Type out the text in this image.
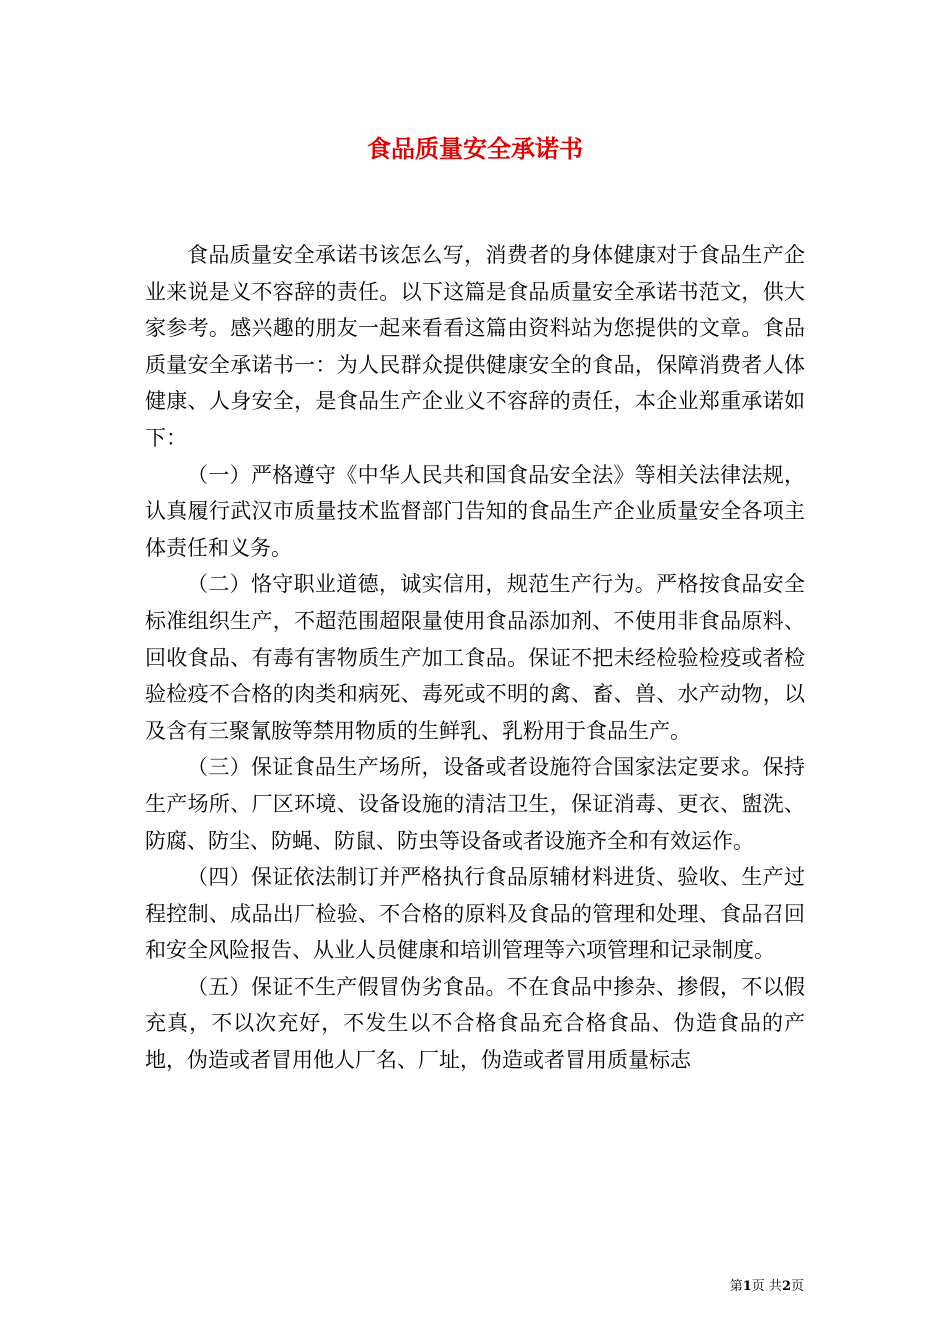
食品质量安全承诺书

食品质量安全承诺书该怎么写，消费者的身体健康对于食品生产企业来说是义不容辞的责任。以下这篇是食品质量安全承诺书范文，供大家参考。感兴趣的朋友一起来看看这篇由资料站为您提供的文章。食品质量安全承诺书一：为人民群众提供健康安全的食品，保障消费者人体健康、人身安全，是食品生产企业义不容辞的责任，本企业郑重承诺如下：

（一）严格遵守《中华人民共和国食品安全法》等相关法律法规，认真履行武汉市质量技术监督部门告知的食品生产企业质量安全各项主体责任和义务。

（二）恪守职业道德，诚实信用，规范生产行为。严格按食品安全标准组织生产，不超范围超限量使用食品添加剂、不使用非食品原料、回收食品、有毒有害物质生产加工食品。保证不把未经检验检疫或者检验检疫不合格的肉类和病死、毒死或不明的禽、畜、兽、水产动物，以及含有三聚氰胺等禁用物质的生鲜乳、乳粉用于食品生产。

（三）保证食品生产场所，设备或者设施符合国家法定要求。保持生产场所、厂区环境、设备设施的清洁卫生，保证消毒、更衣、盥洗、防腐、防尘、防蝇、防鼠、防虫等设备或者设施齐全和有效运作。

（四）保证依法制订并严格执行食品原辅材料进货、验收、生产过程控制、成品出厂检验、不合格的原料及食品的管理和处理、食品召回和安全风险报告、从业人员健康和培训管理等六项管理和记录制度。

（五）保证不生产假冒伪劣食品。不在食品中掺杂、掺假，不以假充真，不以次充好，不发生以不合格食品充合格食品、伪造食品的产地，伪造或者冒用他人厂名、厂址，伪造或者冒用质量标志

第1页 共2页
